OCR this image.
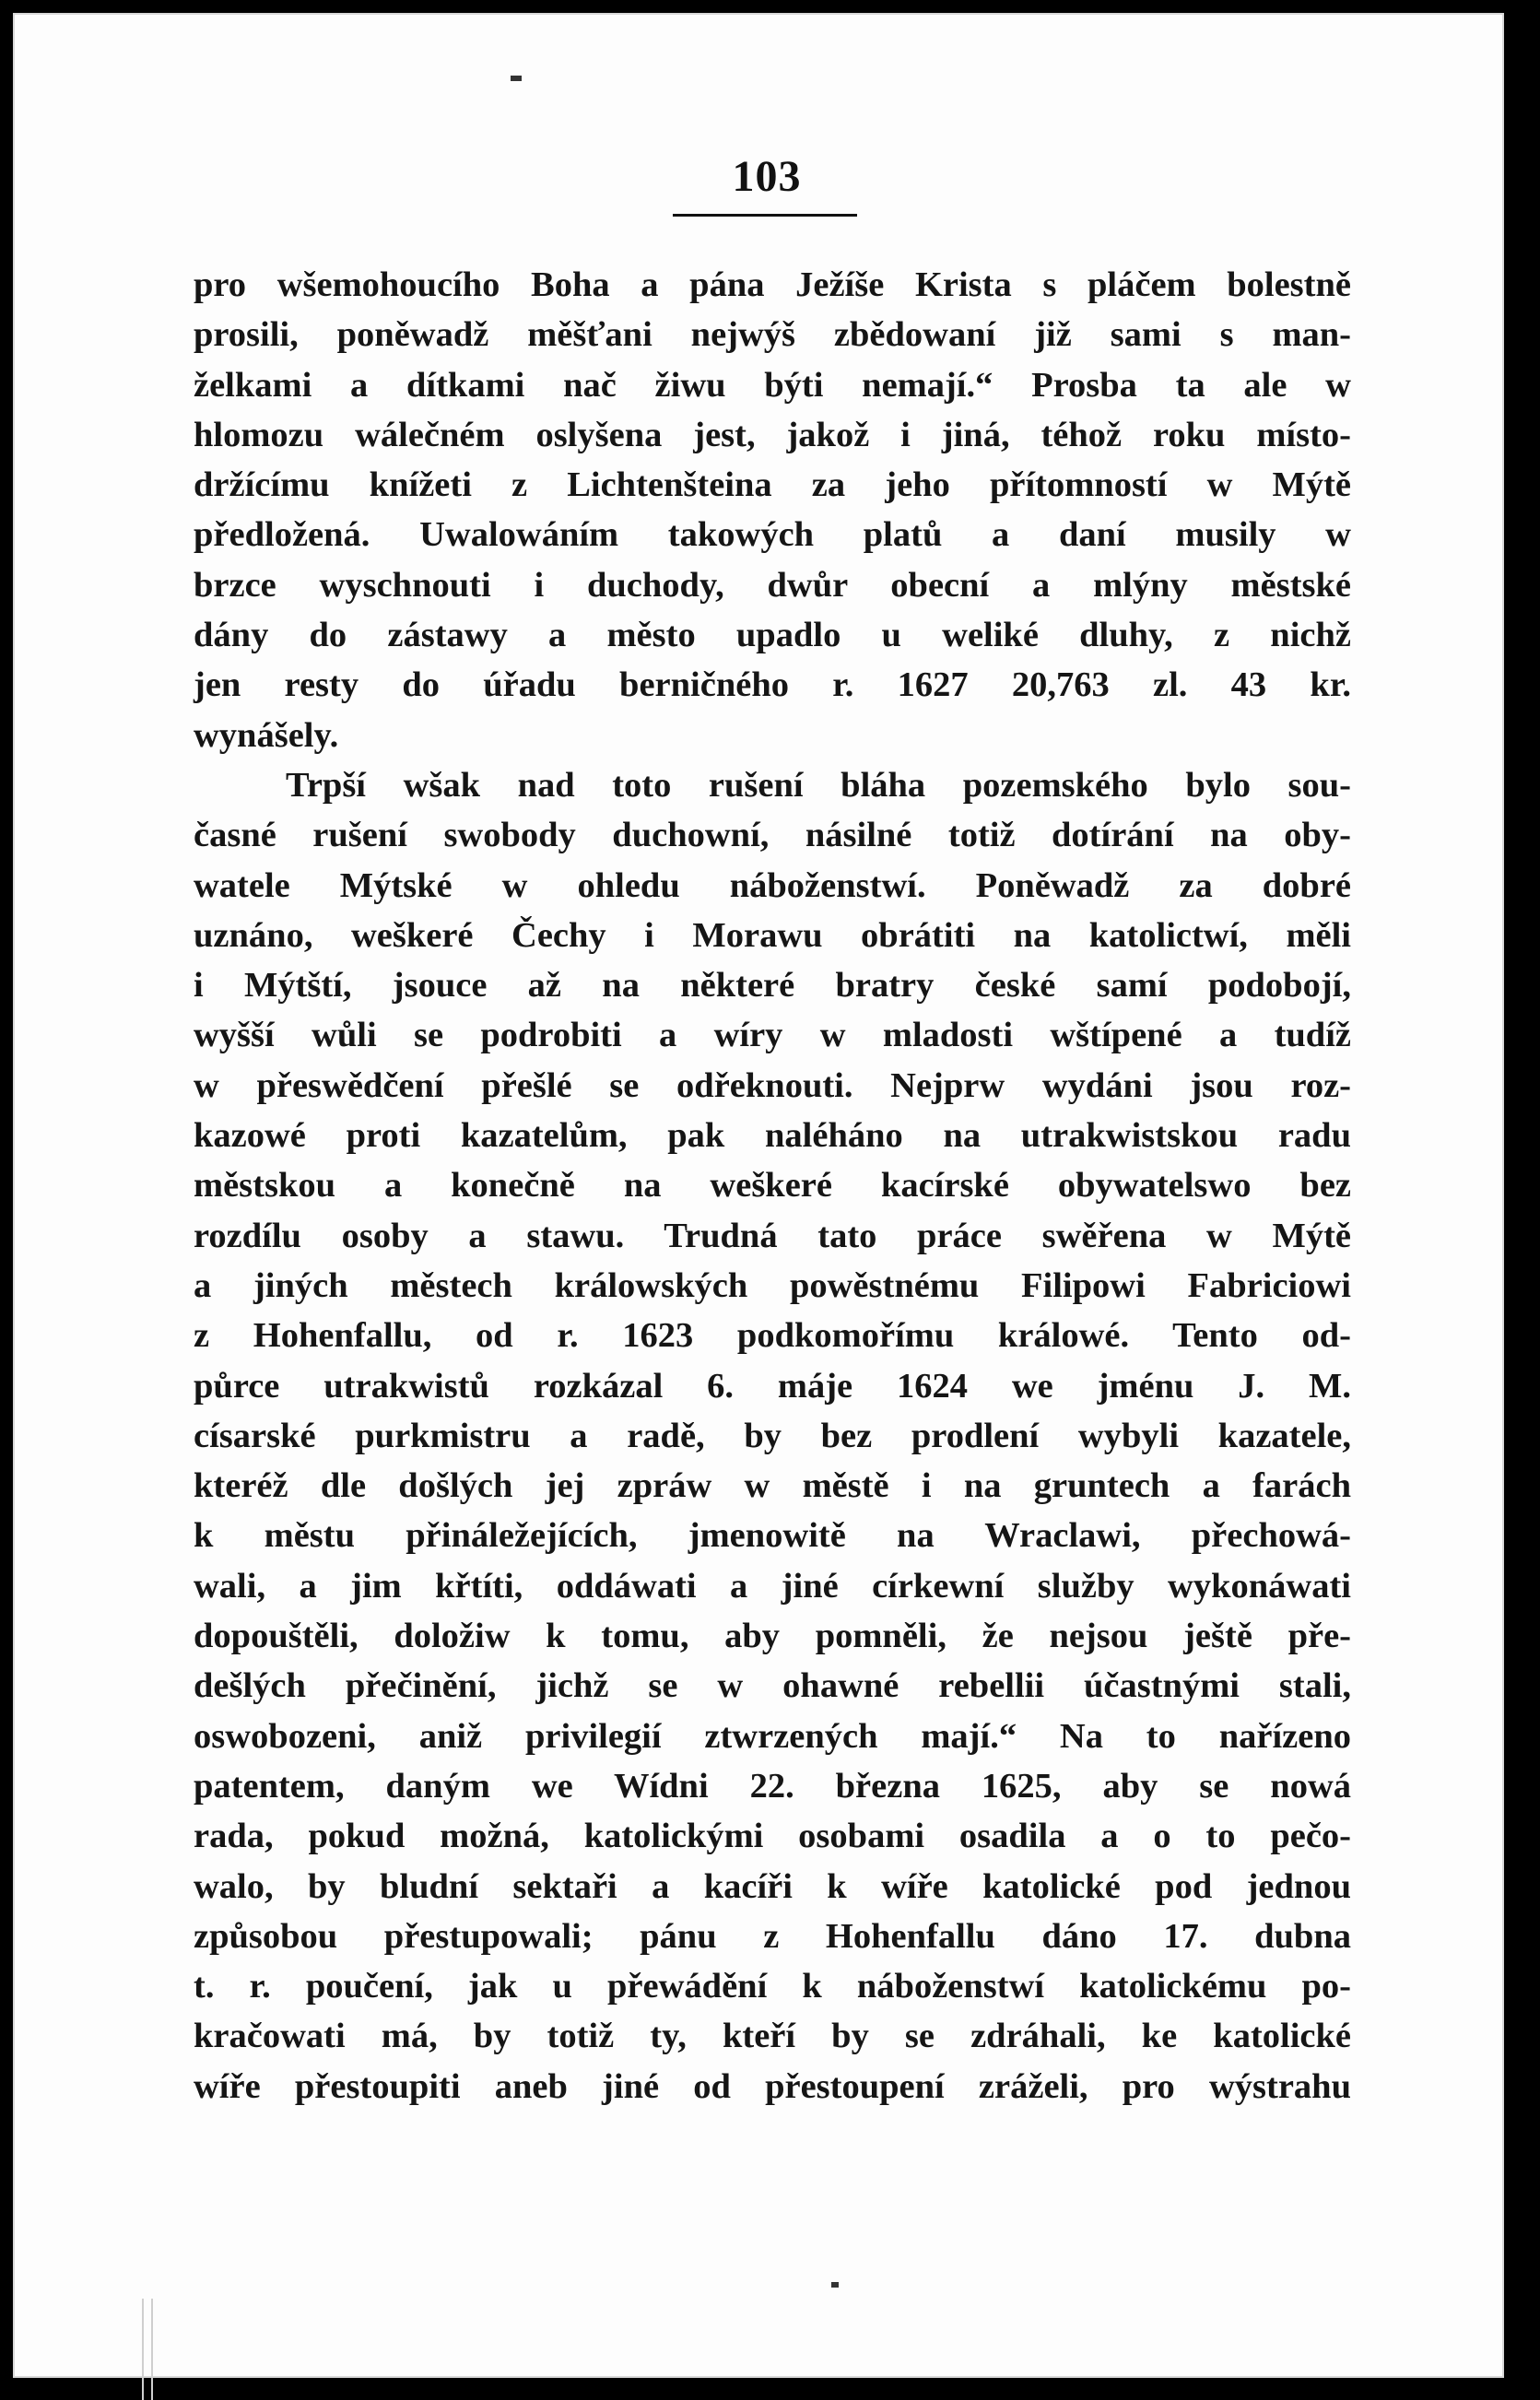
103
pro wšemohoucího Boha a pána Ježíše Krista s pláčem bolestně
prosili, poněwadž měšťani nejwýš zbědowaní již sami s man-
želkami a dítkami nač žiwu býti nemají.“ Prosba ta ale w
hlomozu wálečném oslyšena jest, jakož i jiná, téhož roku místo-
držícímu knížeti z Lichtenšteina za jeho přítomností w Mýtě
předložená. Uwalowáním takowých platů a daní musily w
brzce wyschnouti i duchody, dwůr obecní a mlýny městské
dány do zástawy a město upadlo u weliké dluhy, z nichž
jen resty do úřadu berničného r. 1627 20,763 zl. 43 kr.
wynášely.
Trpší wšak nad toto rušení bláha pozemského bylo sou-
časné rušení swobody duchowní, násilné totiž dotírání na oby-
watele Mýtské w ohledu náboženstwí. Poněwadž za dobré
uznáno, weškeré Čechy i Morawu obrátiti na katolictwí, měli
i Mýtští, jsouce až na některé bratry české samí podobojí,
wyšší wůli se podrobiti a wíry w mladosti wštípené a tudíž
w přeswědčení přešlé se odřeknouti. Nejprw wydáni jsou roz-
kazowé proti kazatelům, pak naléháno na utrakwistskou radu
městskou a konečně na weškeré kacírské obywatelswo bez
rozdílu osoby a stawu. Trudná tato práce swěřena w Mýtě
a jiných městech králowských powěstnému Filipowi Fabriciowi
z Hohenfallu, od r. 1623 podkomořímu králowé. Tento od-
půrce utrakwistů rozkázal 6. máje 1624 we jménu J. M.
císarské purkmistru a radě, by bez prodlení wybyli kazatele,
kteréž dle došlých jej zpráw w městě i na gruntech a farách
k městu přináležejících, jmenowitě na Wraclawi, přechowá-
wali, a jim křtíti, oddáwati a jiné církewní služby wykonáwati
dopouštěli, doložiw k tomu, aby pomněli, že nejsou ještě pře-
dešlých přečinění, jichž se w ohawné rebellii účastnými stali,
oswobozeni, aniž privilegií ztwrzených mají.“ Na to nařízeno
patentem, daným we Wídni 22. března 1625, aby se nowá
rada, pokud možná, katolickými osobami osadila a o to pečo-
walo, by bludní sektaři a kacíři k wíře katolické pod jednou
způsobou přestupowali; pánu z Hohenfallu dáno 17. dubna
t. r. poučení, jak u přewádění k náboženstwí katolickému po-
kračowati má, by totiž ty, kteří by se zdráhali, ke katolické
wíře přestoupiti aneb jiné od přestoupení zráželi, pro wýstrahu
